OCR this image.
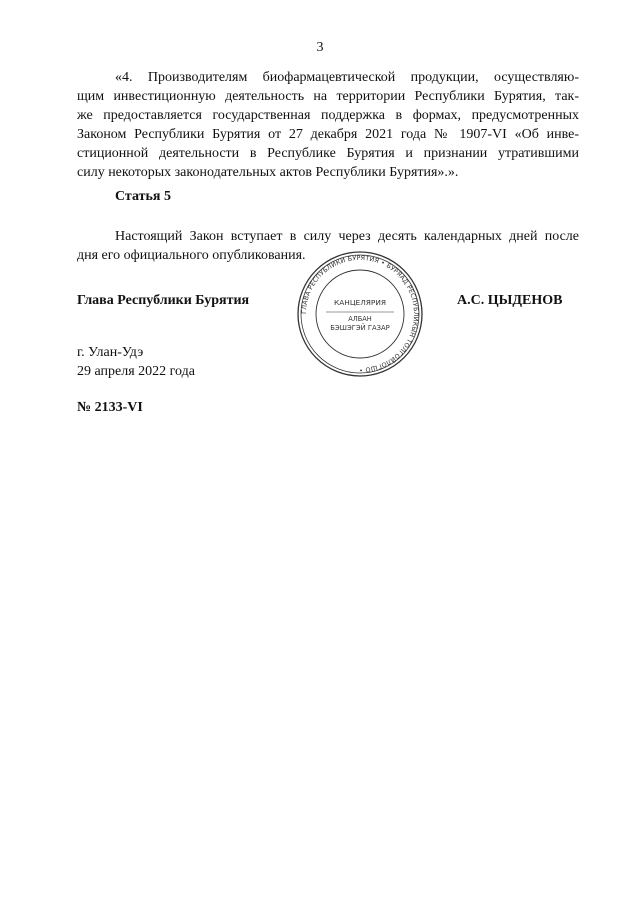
3
«4. Производителям биофармацевтической продукции, осуществляю-
щим инвестиционную деятельность на территории Республики Бурятия, так-
же предоставляется государственная поддержка в формах, предусмотренных
Законом Республики Бурятия от 27 декабря 2021 года № 1907-VI «Об инве-
стиционной деятельности в Республике Бурятия и признании утратившими
силу некоторых законодательных актов Республики Бурятия».».
Статья 5
Настоящий Закон вступает в силу через десять календарных дней после
дня его официального опубликования.
Глава Республики Бурятия
ГЛАВА РЕСПУБЛИКИ БУРЯТИЯ • БУРЯАД РЕСПУБЛИКЫН ТОЛГОЙЛОГШО •
КАНЦЕЛЯРИЯ
АЛБАН
БЭШЭГЭЙ ГАЗАР
А.С. ЦЫДЕНОВ
г. Улан-Удэ
29 апреля 2022 года
№ 2133-VI
